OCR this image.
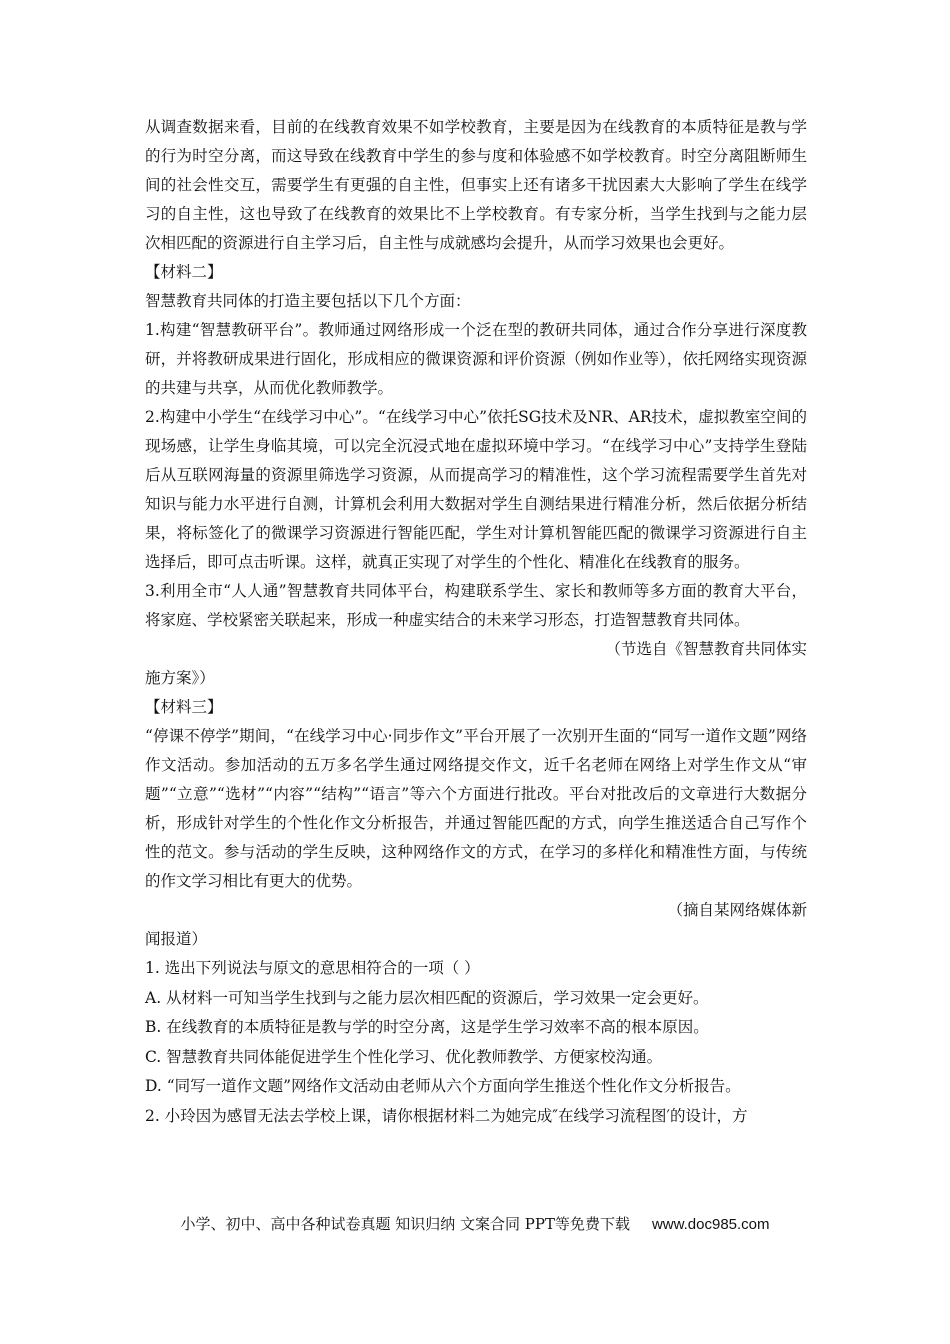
从调查数据来看，目前的在线教育效果不如学校教育，主要是因为在线教育的本质特征是教与学的行为时空分离，而这导致在线教育中学生的参与度和体验感不如学校教育。时空分离阻断师生间的社会性交互，需要学生有更强的自主性，但事实上还有诸多干扰因素大大影响了学生在线学习的自主性，这也导致了在线教育的效果比不上学校教育。有专家分析，当学生找到与之能力层次相匹配的资源进行自主学习后，自主性与成就感均会提升，从而学习效果也会更好。

【材料二】

智慧教育共同体的打造主要包括以下几个方面：

1.构建“智慧教研平台”。教师通过网络形成一个泛在型的教研共同体，通过合作分享进行深度教研，并将教研成果进行固化，形成相应的微课资源和评价资源（例如作业等），依托网络实现资源的共建与共享，从而优化教师教学。

2.构建中小学生“在线学习中心”。“在线学习中心”依托SG技术及NR、AR技术，虚拟教室空间的现场感，让学生身临其境，可以完全沉浸式地在虚拟环境中学习。“在线学习中心”支持学生登陆后从互联网海量的资源里筛选学习资源，从而提高学习的精准性，这个学习流程需要学生首先对知识与能力水平进行自测，计算机会利用大数据对学生自测结果进行精准分析，然后依据分析结果，将标签化了的微课学习资源进行智能匹配，学生对计算机智能匹配的微课学习资源进行自主选择后，即可点击听课。这样，就真正实现了对学生的个性化、精准化在线教育的服务。

3.利用全市“人人通”智慧教育共同体平台，构建联系学生、家长和教师等多方面的教育大平台，将家庭、学校紧密关联起来，形成一种虚实结合的未来学习形态，打造智慧教育共同体。

（节选自《智慧教育共同体实

施方案》）

【材料三】

“停课不停学”期间，“在线学习中心·同步作文”平台开展了一次别开生面的“同写一道作文题”网络作文活动。参加活动的五万多名学生通过网络提交作文，近千名老师在网络上对学生作文从“审题”“立意”“选材”“内容”“结构”“语言”等六个方面进行批改。平台对批改后的文章进行大数据分析，形成针对学生的个性化作文分析报告，并通过智能匹配的方式，向学生推送适合自己写作个性的范文。参与活动的学生反映，这种网络作文的方式，在学习的多样化和精准性方面，与传统的作文学习相比有更大的优势。

（摘自某网络媒体新

闻报道）

1. 选出下列说法与原文的意思相符合的一项（ ）

A. 从材料一可知当学生找到与之能力层次相匹配的资源后，学习效果一定会更好。

B. 在线教育的本质特征是教与学的时空分离，这是学生学习效率不高的根本原因。

C. 智慧教育共同体能促进学生个性化学习、优化教师教学、方便家校沟通。

D. “同写一道作文题”网络作文活动由老师从六个方面向学生推送个性化作文分析报告。

2. 小玲因为感冒无法去学校上课，请你根据材料二为她完成″在线学习流程图′的设计，方

小学、初中、高中各种试卷真题 知识归纳 文案合同 PPT等免费下载 www.doc985.com
